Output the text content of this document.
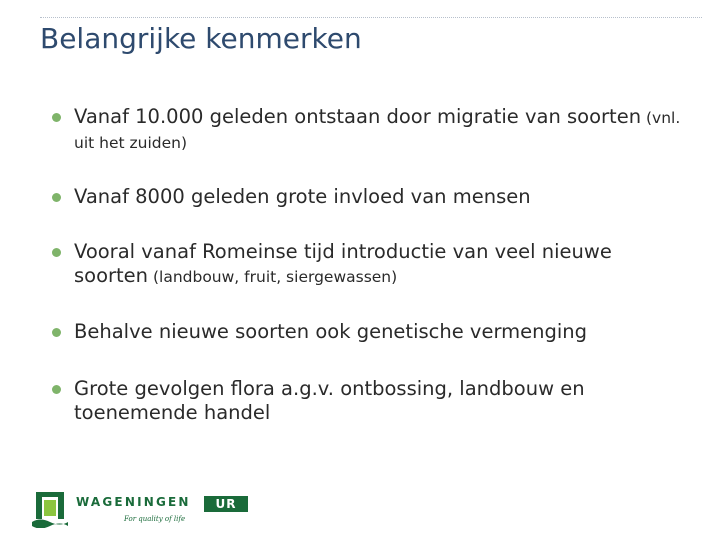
Belangrijke kenmerken
Vanaf 10.000 geleden ontstaan door migratie van soorten (vnl. uit het zuiden)
Vanaf 8000 geleden grote invloed van mensen
Vooral vanaf Romeinse tijd introductie van veel nieuwe soorten (landbouw, fruit, siergewassen)
Behalve nieuwe soorten ook genetische vermenging
Grote gevolgen flora a.g.v. ontbossing, landbouw en toenemende handel
WAGENINGEN	UR
For quality of life
